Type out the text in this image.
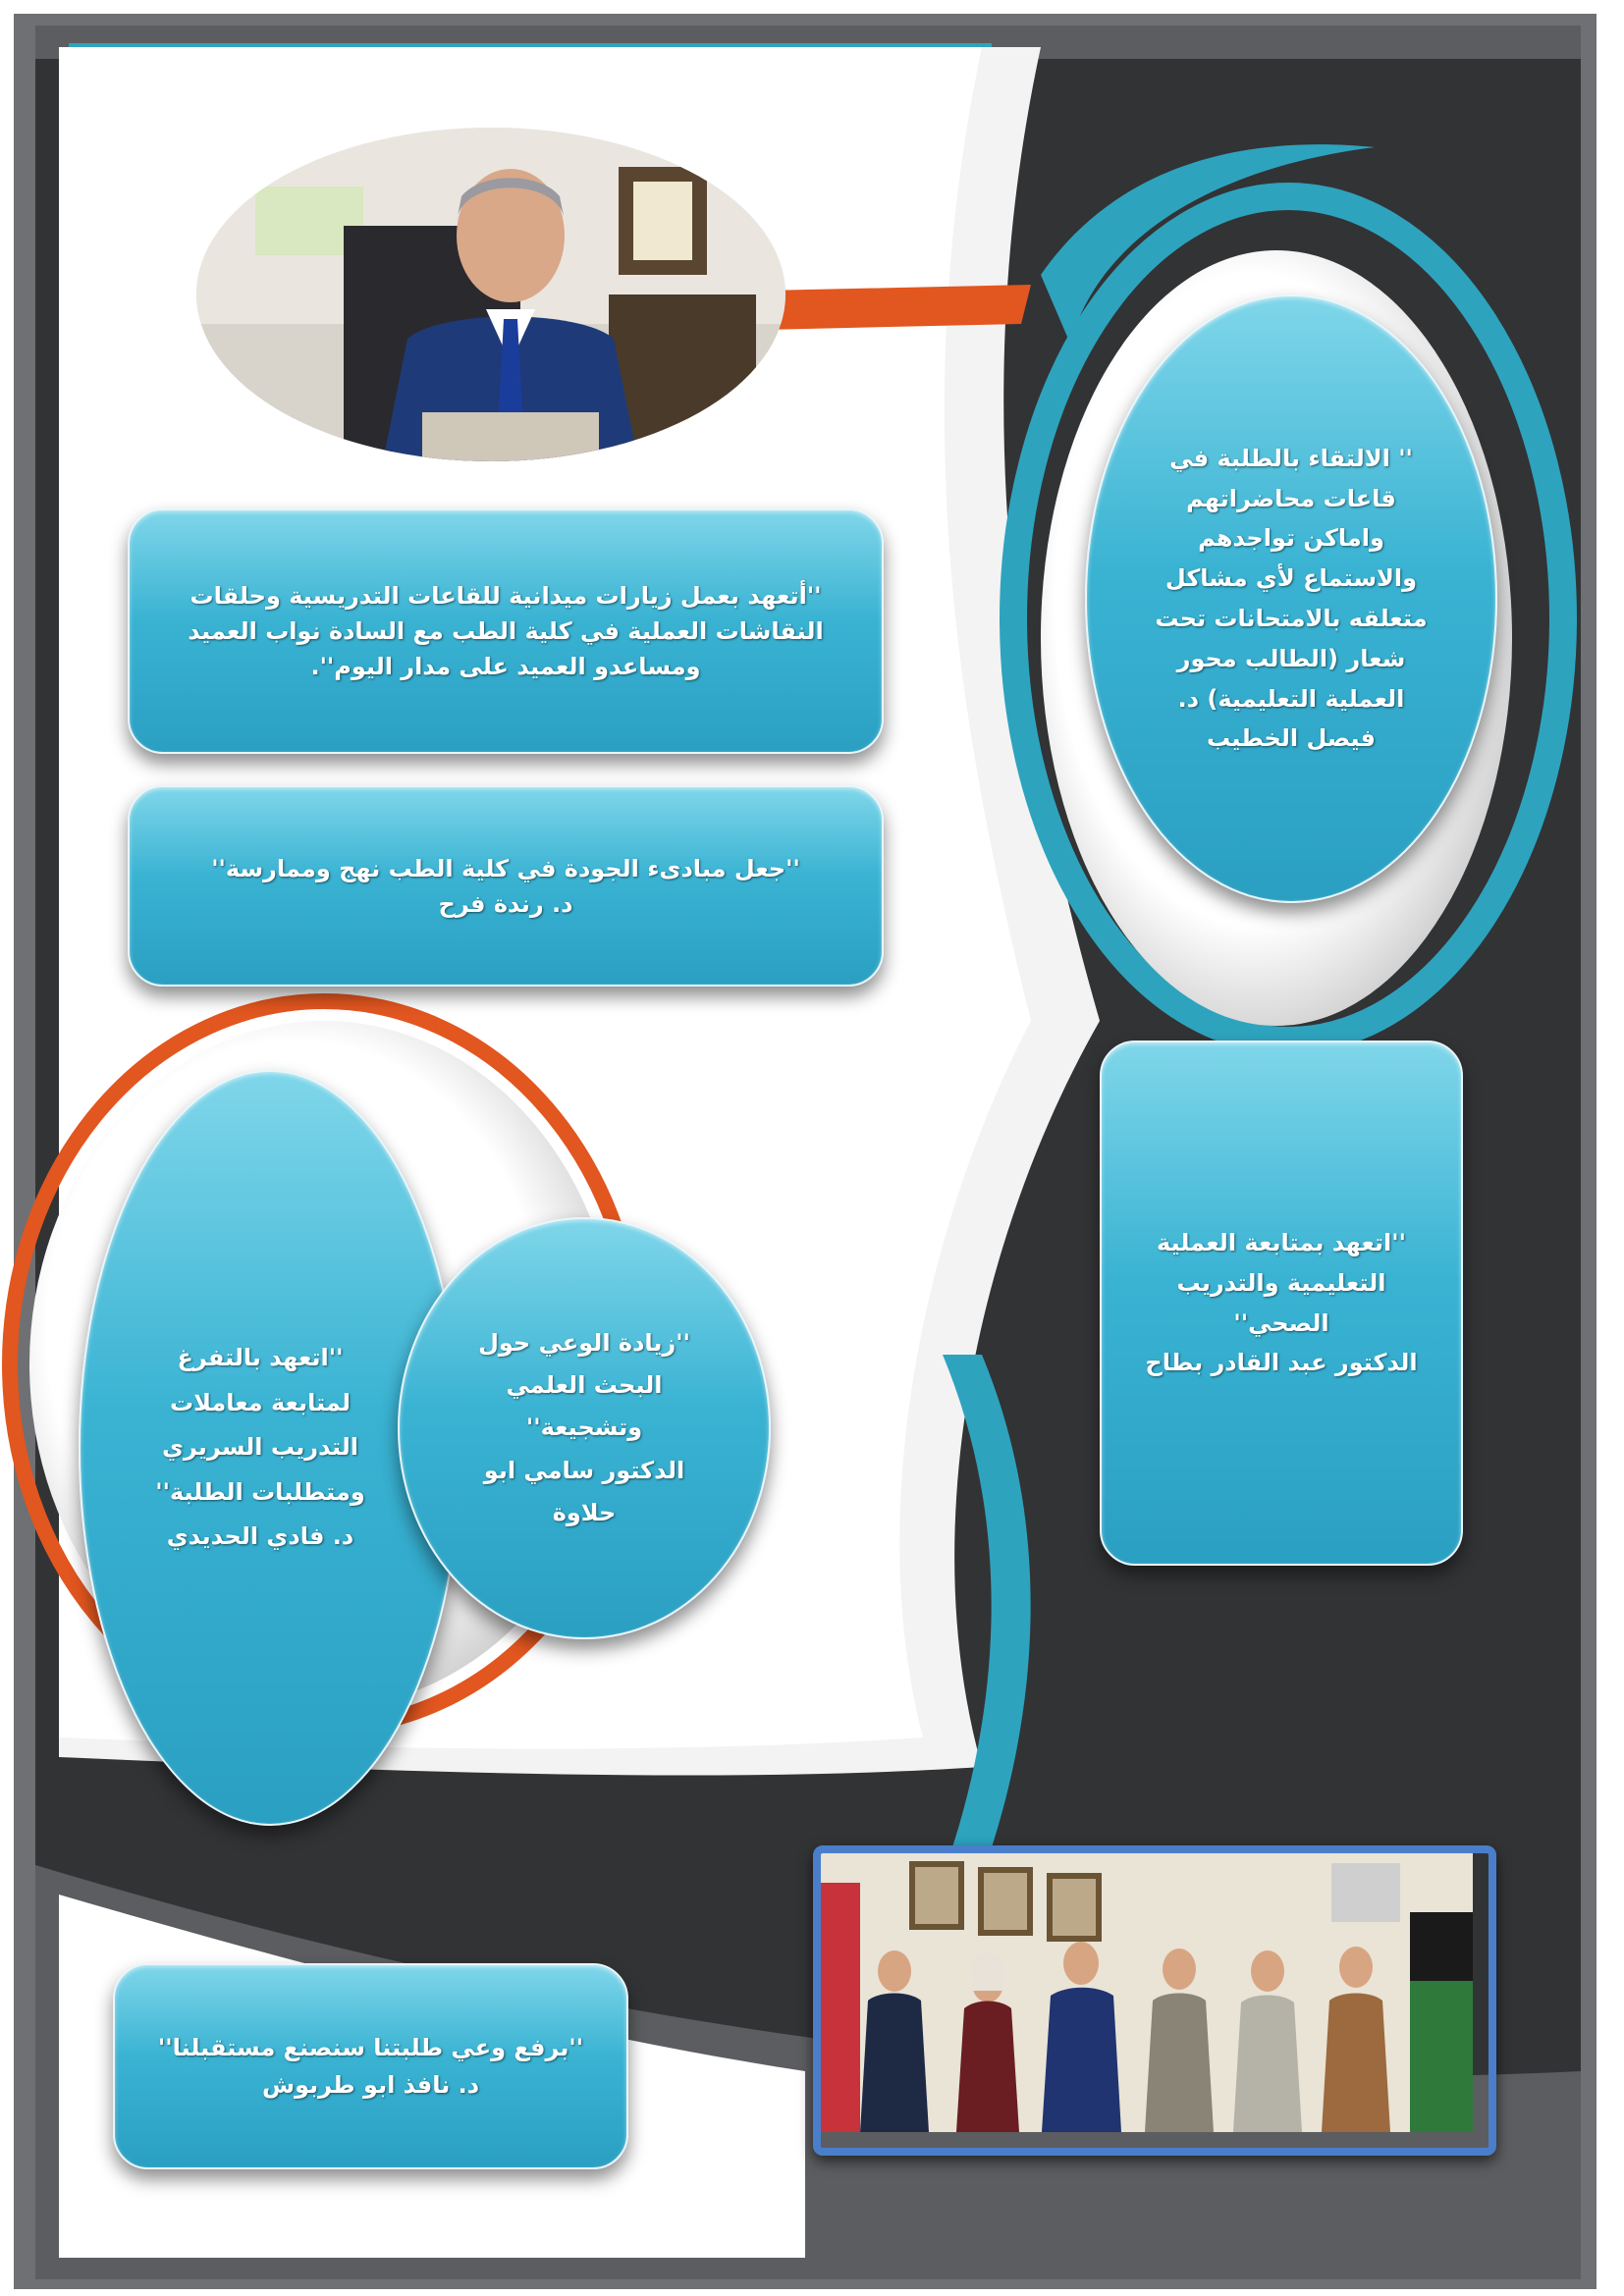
'' الالتقاء بالطلبة في قاعات محاضراتهم واماكن تواجدهم والاستماع لأي مشاكل متعلقه بالامتحانات تحت شعار (الطالب محور العملية التعليمية) د. فيصل الخطيب

''أتعهد بعمل زيارات ميدانية للقاعات التدريسية وحلقات النقاشات العملية في كلية الطب مع السادة نواب العميد ومساعدو العميد على مدار اليوم''.

''جعل مبادىء الجودة في كلية الطب نهج وممارسة''

د. رندة فرح

''اتعهد بمتابعة العملية التعليمية والتدريب الصحي''

الدكتور عبد القادر بطاح

''اتعهد بالتفرغ لمتابعة معاملات التدريب السريري ومتطلبات الطلبة''

د. فادي الحديدي

''زيادة الوعي حول البحث العلمي وتشجيعة''

الدكتور سامي ابو حلاوة

''برفع وعي طلبتنا سنصنع مستقبلنا''

د. نافذ ابو طربوش
